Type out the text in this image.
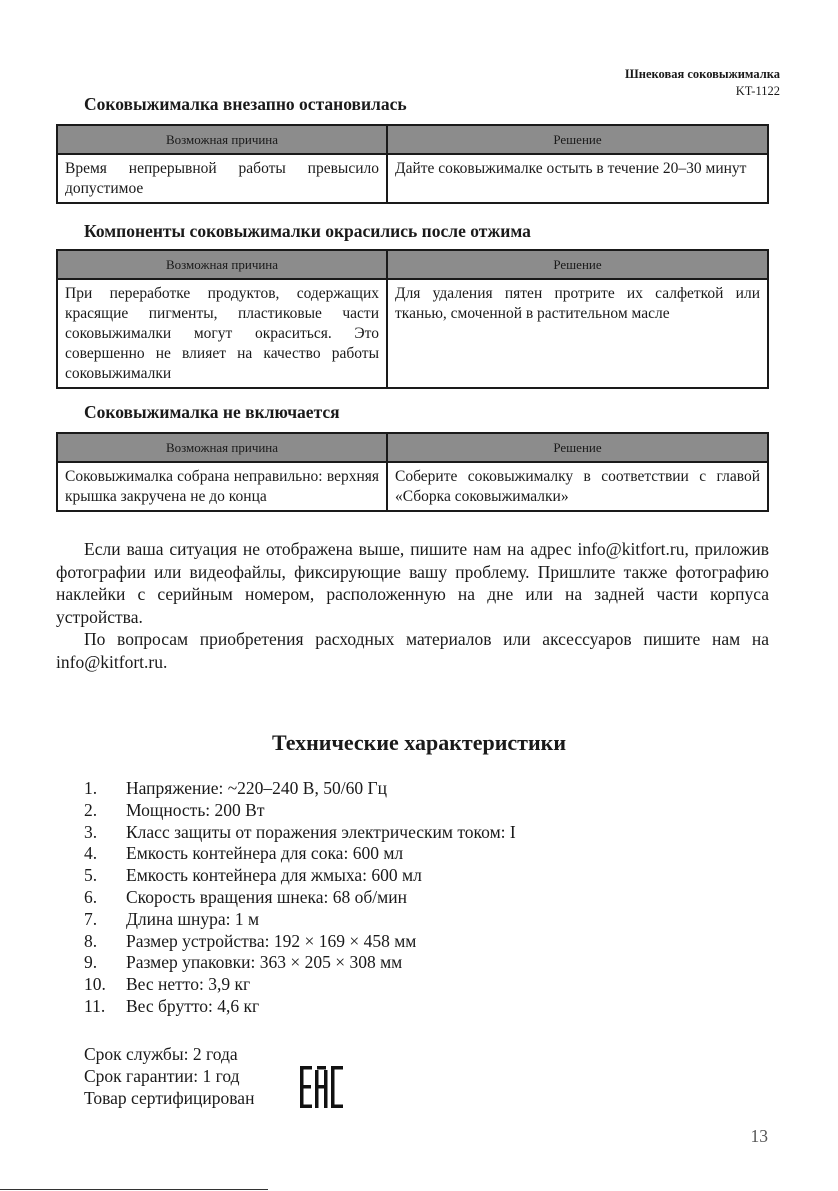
Шнековая соковыжималка
KT-1122
Соковыжималка внезапно остановилась
Возможная причина	Решение
Время непрерывной работы превысило допустимое	Дайте соковыжималке остыть в течение 20–30 минут
Компоненты соковыжималки окрасились после отжима
Возможная причина	Решение
При переработке продуктов, содержащих красящие пигменты, пластиковые части соковыжималки могут окраситься. Это совершенно не влияет на качество работы соковыжималки	Для удаления пятен протрите их салфеткой или тканью, смоченной в растительном масле
Соковыжималка не включается
Возможная причина	Решение
Соковыжималка собрана неправильно: верхняя крышка закручена не до конца	Соберите соковыжималку в соответствии с главой «Сборка соковыжималки»

Если ваша ситуация не отображена выше, пишите нам на адрес info@kitfort.ru, приложив фотографии или видеофайлы, фиксирующие вашу проблему. Пришлите также фотографию наклейки с серийным номером, расположенную на дне или на задней части корпуса устройства.

По вопросам приобретения расходных материалов или аксессуаров пишите нам на info@kitfort.ru.

Технические характеристики
1.	Напряжение: ~220–240 В, 50/60 Гц
2.	Мощность: 200 Вт
3.	Класс защиты от поражения электрическим током: I
4.	Емкость контейнера для сока: 600 мл
5.	Емкость контейнера для жмыха: 600 мл
6.	Скорость вращения шнека: 68 об/мин
7.	Длина шнура: 1 м
8.	Размер устройства: 192 × 169 × 458 мм
9.	Размер упаковки: 363 × 205 × 308 мм
10.	Вес нетто: 3,9 кг
11.	Вес брутто: 4,6 кг
Срок службы: 2 года
Срок гарантии: 1 год
Товар сертифицирован
13
